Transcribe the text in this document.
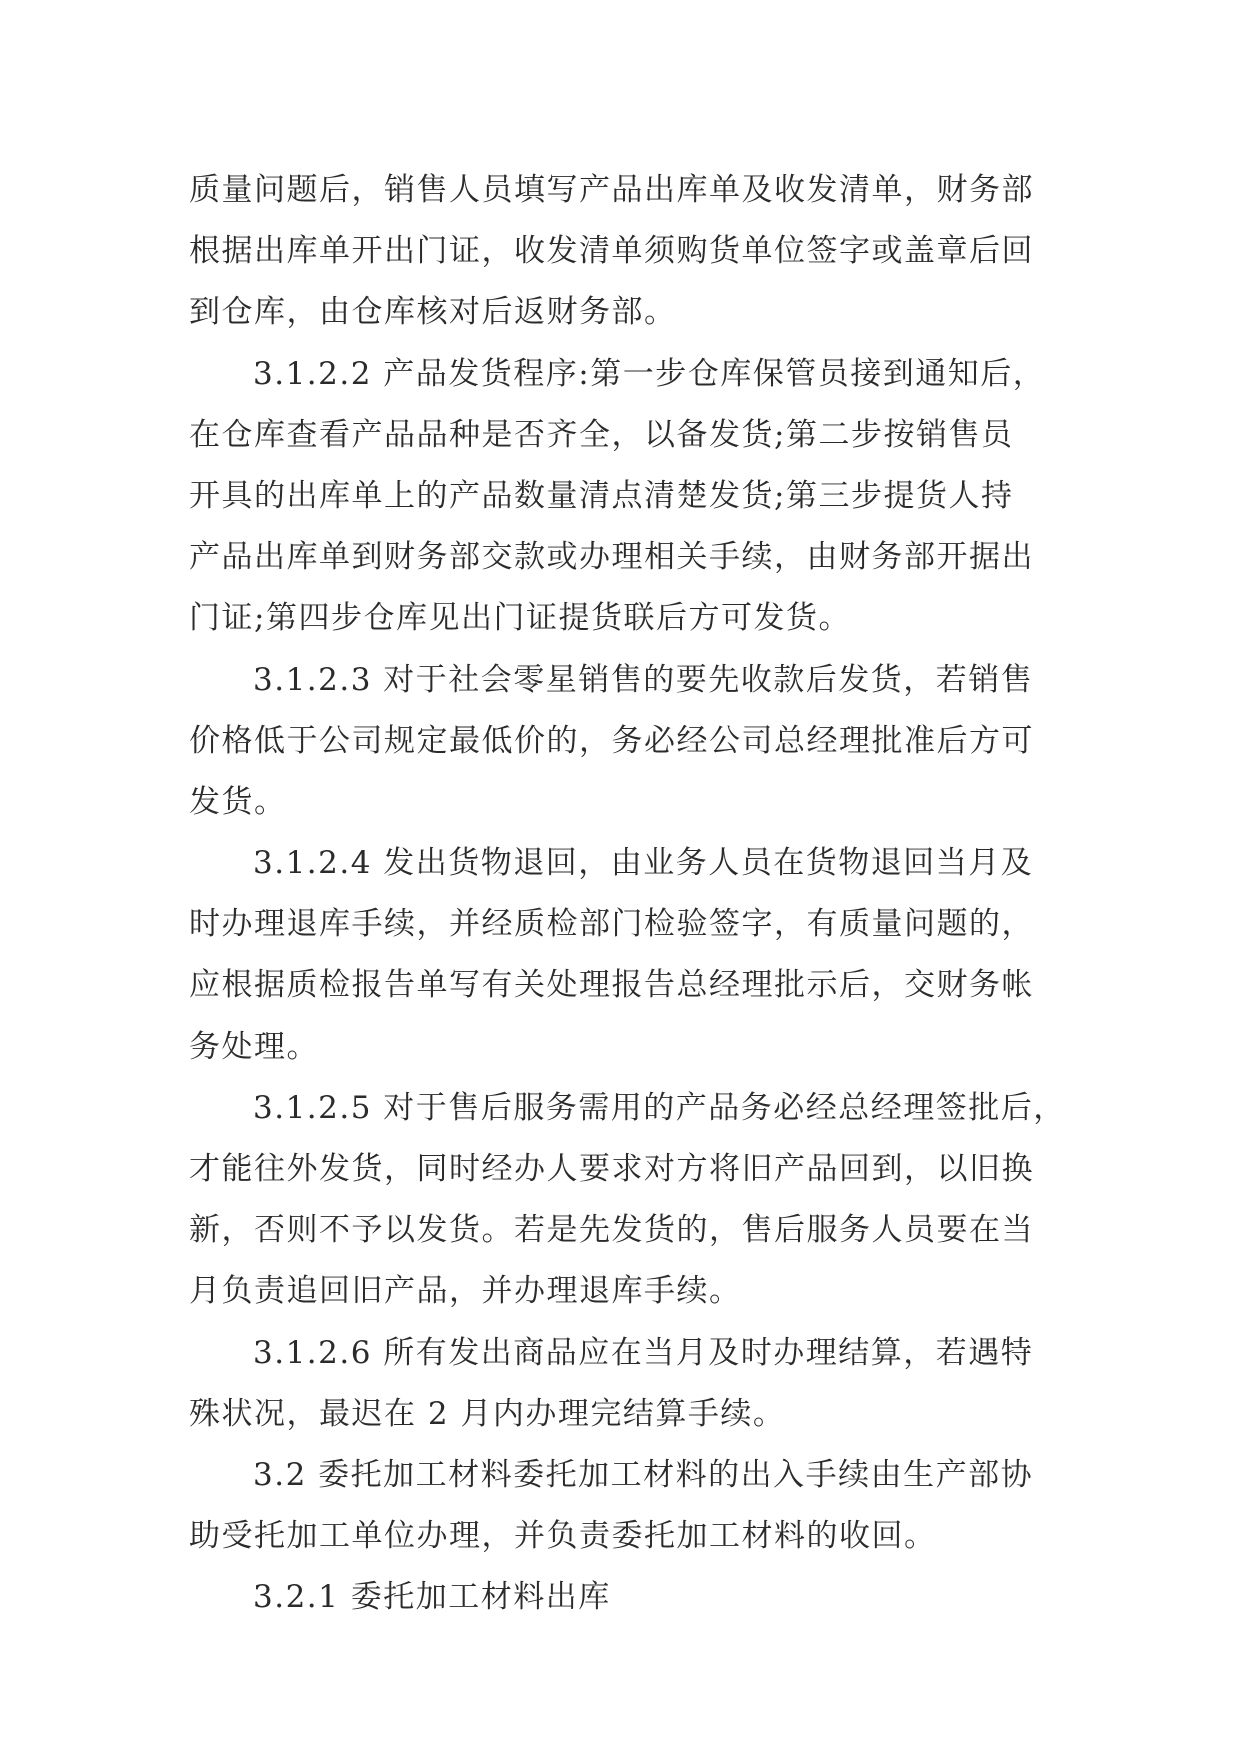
质量问题后，销售人员填写产品出库单及收发清单，财务部
根据出库单开出门证，收发清单须购货单位签字或盖章后回
到仓库，由仓库核对后返财务部。
3.1.2.2 产品发货程序:第一步仓库保管员接到通知后，
在仓库查看产品品种是否齐全，以备发货;第二步按销售员
开具的出库单上的产品数量清点清楚发货;第三步提货人持
产品出库单到财务部交款或办理相关手续，由财务部开据出
门证;第四步仓库见出门证提货联后方可发货。
3.1.2.3 对于社会零星销售的要先收款后发货，若销售
价格低于公司规定最低价的，务必经公司总经理批准后方可
发货。
3.1.2.4 发出货物退回，由业务人员在货物退回当月及
时办理退库手续，并经质检部门检验签字，有质量问题的，
应根据质检报告单写有关处理报告总经理批示后，交财务帐
务处理。
3.1.2.5 对于售后服务需用的产品务必经总经理签批后，
才能往外发货，同时经办人要求对方将旧产品回到，以旧换
新，否则不予以发货。若是先发货的，售后服务人员要在当
月负责追回旧产品，并办理退库手续。
3.1.2.6 所有发出商品应在当月及时办理结算，若遇特
殊状况，最迟在 2 月内办理完结算手续。
3.2 委托加工材料委托加工材料的出入手续由生产部协
助受托加工单位办理，并负责委托加工材料的收回。
3.2.1 委托加工材料出库
